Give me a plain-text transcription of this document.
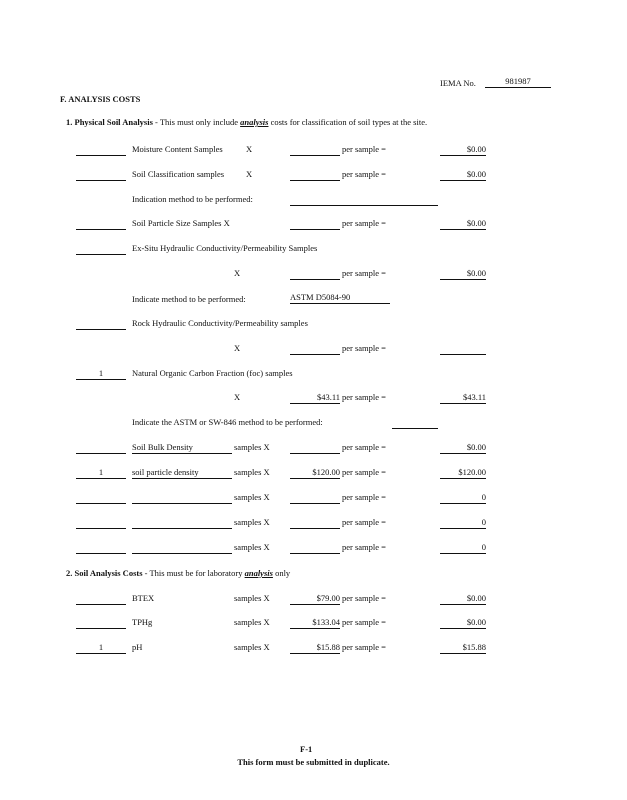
IEMA No.	981987
F. ANALYSIS COSTS
1. Physical Soil Analysis - This must only include analysis costs for classification of soil types at the site.
Moisture Content Samples	X	per sample =	$0.00
Soil Classification samples	X	per sample =	$0.00
Indication method to be performed:
Soil Particle Size Samples X	per sample =	$0.00
Ex-Situ Hydraulic Conductivity/Permeability Samples
X	per sample =	$0.00
Indicate method to be performed:	ASTM D5084-90
Rock Hydraulic Conductivity/Permeability samples
X	per sample =
1	Natural Organic Carbon Fraction (foc) samples
X	$43.11 per sample =	$43.11
Indicate the ASTM or SW-846 method to be performed:
Soil Bulk Density	samples X	per sample =	$0.00
1	soil particle density	samples X	$120.00 per sample =	$120.00
samples X	per sample =	0
samples X	per sample =	0
samples X	per sample =	0
2. Soil Analysis Costs - This must be for laboratory analysis only
BTEX	samples X	$79.00 per sample =	$0.00
TPHg	samples X	$133.04 per sample =	$0.00
1	pH	samples X	$15.88 per sample =	$15.88
F-1
This form must be submitted in duplicate.
